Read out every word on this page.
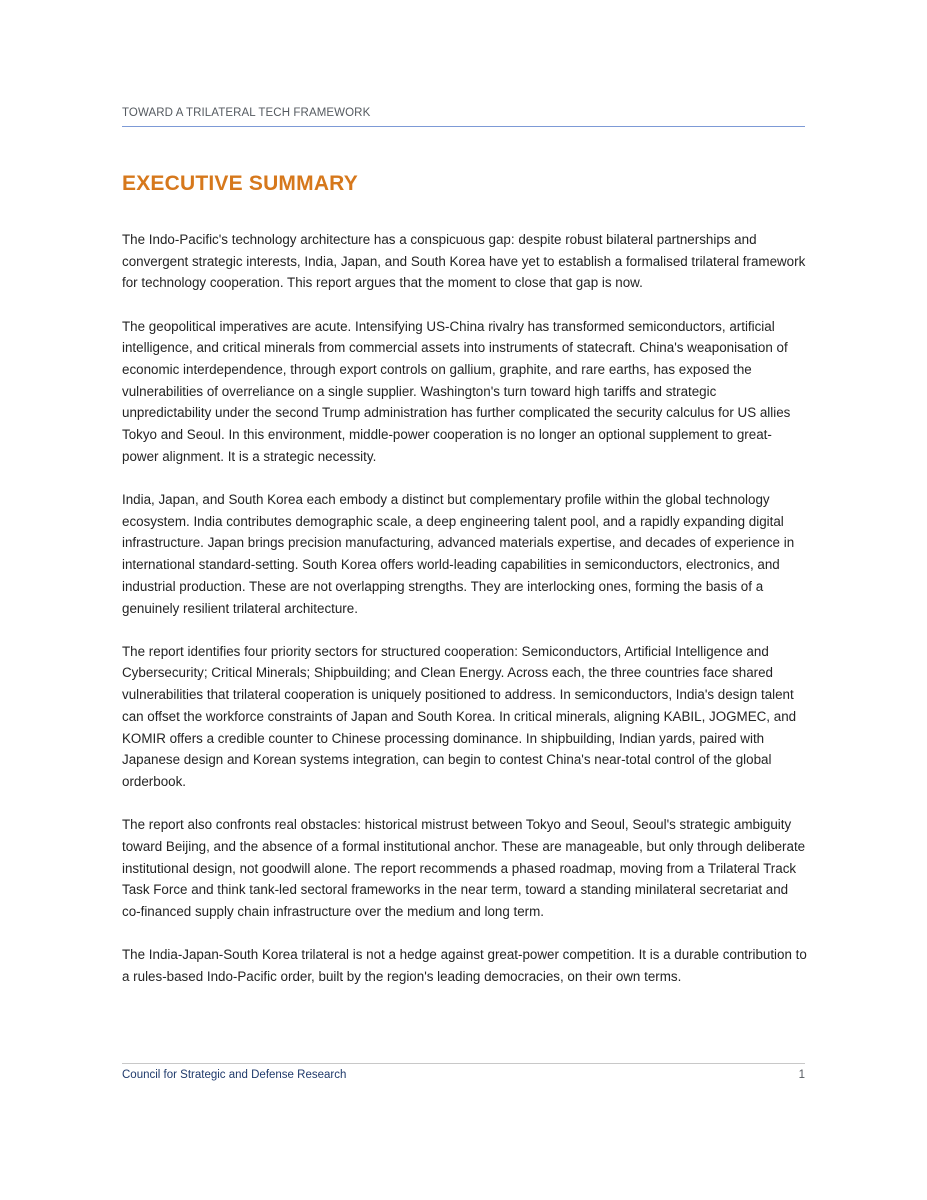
TOWARD A TRILATERAL TECH FRAMEWORK
EXECUTIVE SUMMARY

The Indo-Pacific's technology architecture has a conspicuous gap: despite robust bilateral partnerships and convergent strategic interests, India, Japan, and South Korea have yet to establish a formalised trilateral framework for technology cooperation. This report argues that the moment to close that gap is now.

The geopolitical imperatives are acute. Intensifying US-China rivalry has transformed semiconductors, artificial intelligence, and critical minerals from commercial assets into instruments of statecraft. China's weaponisation of economic interdependence, through export controls on gallium, graphite, and rare earths, has exposed the vulnerabilities of overreliance on a single supplier. Washington's turn toward high tariffs and strategic unpredictability under the second Trump administration has further complicated the security calculus for US allies Tokyo and Seoul. In this environment, middle-power cooperation is no longer an optional supplement to great-power alignment. It is a strategic necessity.

India, Japan, and South Korea each embody a distinct but complementary profile within the global technology ecosystem. India contributes demographic scale, a deep engineering talent pool, and a rapidly expanding digital infrastructure. Japan brings precision manufacturing, advanced materials expertise, and decades of experience in international standard-setting. South Korea offers world-leading capabilities in semiconductors, electronics, and industrial production. These are not overlapping strengths. They are interlocking ones, forming the basis of a genuinely resilient trilateral architecture.

The report identifies four priority sectors for structured cooperation: Semiconductors, Artificial Intelligence and Cybersecurity; Critical Minerals; Shipbuilding; and Clean Energy. Across each, the three countries face shared vulnerabilities that trilateral cooperation is uniquely positioned to address. In semiconductors, India's design talent can offset the workforce constraints of Japan and South Korea. In critical minerals, aligning KABIL, JOGMEC, and KOMIR offers a credible counter to Chinese processing dominance. In shipbuilding, Indian yards, paired with Japanese design and Korean systems integration, can begin to contest China's near-total control of the global orderbook.

The report also confronts real obstacles: historical mistrust between Tokyo and Seoul, Seoul's strategic ambiguity toward Beijing, and the absence of a formal institutional anchor. These are manageable, but only through deliberate institutional design, not goodwill alone. The report recommends a phased roadmap, moving from a Trilateral Track Task Force and think tank-led sectoral frameworks in the near term, toward a standing minilateral secretariat and co-financed supply chain infrastructure over the medium and long term.

The India-Japan-South Korea trilateral is not a hedge against great-power competition. It is a durable contribution to a rules-based Indo-Pacific order, built by the region's leading democracies, on their own terms.

Council for Strategic and Defense Research	1
